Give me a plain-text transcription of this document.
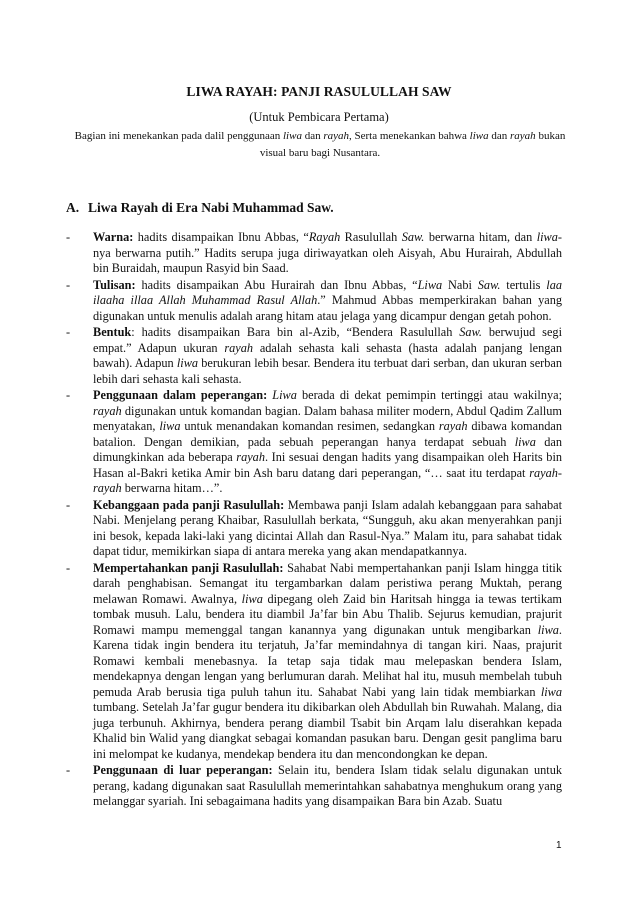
LIWA RAYAH: PANJI RASULULLAH SAW
(Untuk Pembicara Pertama)
Bagian ini menekankan pada dalil penggunaan liwa dan rayah, Serta menekankan bahwa liwa dan rayah bukan visual baru bagi Nusantara.
A. Liwa Rayah di Era Nabi Muhammad Saw.
- Warna: hadits disampaikan Ibnu Abbas, “Rayah Rasulullah Saw. berwarna hitam, dan liwa-nya berwarna putih.” Hadits serupa juga diriwayatkan oleh Aisyah, Abu Hurairah, Abdullah bin Buraidah, maupun Rasyid bin Saad.
- Tulisan: hadits disampaikan Abu Hurairah dan Ibnu Abbas, “Liwa Nabi Saw. tertulis laa ilaaha illaa Allah Muhammad Rasul Allah.” Mahmud Abbas memperkirakan bahan yang digunakan untuk menulis adalah arang hitam atau jelaga yang dicampur dengan getah pohon.
- Bentuk: hadits disampaikan Bara bin al-Azib, “Bendera Rasulullah Saw. berwujud segi empat.” Adapun ukuran rayah adalah sehasta kali sehasta (hasta adalah panjang lengan bawah). Adapun liwa berukuran lebih besar. Bendera itu terbuat dari serban, dan ukuran serban lebih dari sehasta kali sehasta.
- Penggunaan dalam peperangan: Liwa berada di dekat pemimpin tertinggi atau wakilnya; rayah digunakan untuk komandan bagian. Dalam bahasa militer modern, Abdul Qadim Zallum menyatakan, liwa untuk menandakan komandan resimen, sedangkan rayah dibawa komandan batalion. Dengan demikian, pada sebuah peperangan hanya terdapat sebuah liwa dan dimungkinkan ada beberapa rayah. Ini sesuai dengan hadits yang disampaikan oleh Harits bin Hasan al-Bakri ketika Amir bin Ash baru datang dari peperangan, “… saat itu terdapat rayah-rayah berwarna hitam…”.
- Kebanggaan pada panji Rasulullah: Membawa panji Islam adalah kebanggaan para sahabat Nabi. Menjelang perang Khaibar, Rasulullah berkata, “Sungguh, aku akan menyerahkan panji ini besok, kepada laki-laki yang dicintai Allah dan Rasul-Nya.” Malam itu, para sahabat tidak dapat tidur, memikirkan siapa di antara mereka yang akan mendapatkannya.
- Mempertahankan panji Rasulullah: Sahabat Nabi mempertahankan panji Islam hingga titik darah penghabisan. Semangat itu tergambarkan dalam peristiwa perang Muktah, perang melawan Romawi. Awalnya, liwa dipegang oleh Zaid bin Haritsah hingga ia tewas tertikam tombak musuh. Lalu, bendera itu diambil Ja’far bin Abu Thalib. Sejurus kemudian, prajurit Romawi mampu memenggal tangan kanannya yang digunakan untuk mengibarkan liwa. Karena tidak ingin bendera itu terjatuh, Ja’far memindahnya di tangan kiri. Naas, prajurit Romawi kembali menebasnya. Ia tetap saja tidak mau melepaskan bendera Islam, mendekapnya dengan lengan yang berlumuran darah. Melihat hal itu, musuh membelah tubuh pemuda Arab berusia tiga puluh tahun itu. Sahabat Nabi yang lain tidak membiarkan liwa tumbang. Setelah Ja’far gugur bendera itu dikibarkan oleh Abdullah bin Ruwahah. Malang, dia juga terbunuh. Akhirnya, bendera perang diambil Tsabit bin Arqam lalu diserahkan kepada Khalid bin Walid yang diangkat sebagai komandan pasukan baru. Dengan gesit panglima baru ini melompat ke kudanya, mendekap bendera itu dan mencondongkan ke depan.
- Penggunaan di luar peperangan: Selain itu, bendera Islam tidak selalu digunakan untuk perang, kadang digunakan saat Rasulullah memerintahkan sahabatnya menghukum orang yang melanggar syariah. Ini sebagaimana hadits yang disampaikan Bara bin Azab. Suatu
1
